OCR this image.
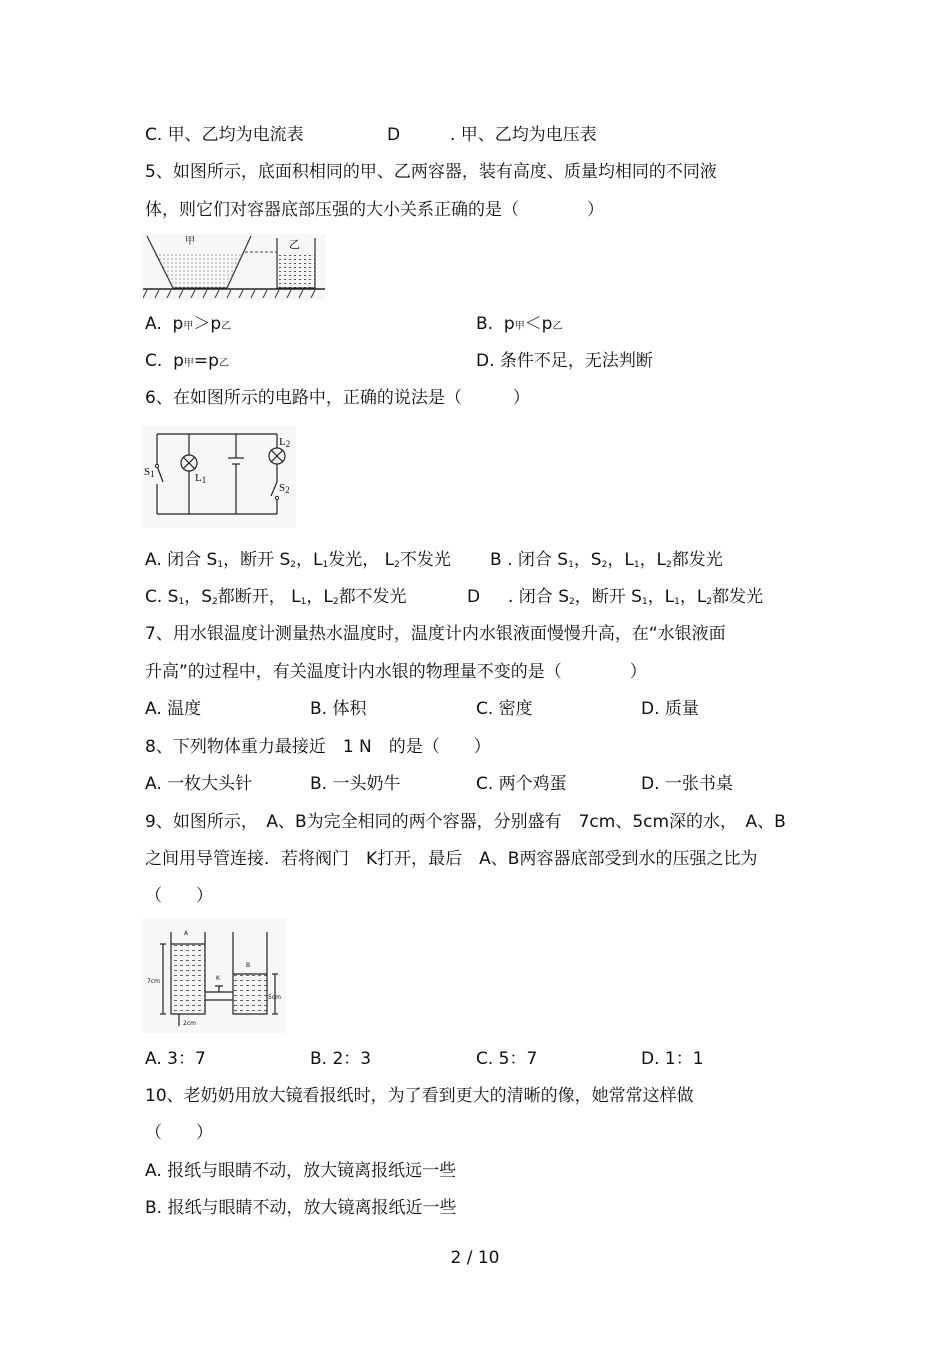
C. 甲、乙均为电流表	D	. 甲、乙均为电压表
5、如图所示，底面积相同的甲、乙两容器，装有高度、质量均相同的不同液
体，则它们对容器底部压强的大小关系正确的是（　　　　）
甲	乙
A. p甲＞p乙	B. p甲＜p乙
C. p甲=p乙	D. 条件不足，无法判断
6、在如图所示的电路中，正确的说法是（　　　）
$S_1$	$L_1$
$L_2$
$S_2$
A. 闭合 $S_1$，断开 $S_2$，$L_1$发光， $L_2$不发光 B . 闭合 $S_1$，$S_2$，$L_1$，$L_2$都发光
C. $S_1$，$S_2$都断开， $L_1$，$L_2$都不发光	D . 闭合 $S_2$，断开 $S_1$，$L_1$，$L_2$都发光
7、用水银温度计测量热水温度时，温度计内水银液面慢慢升高，在“水银液面
升高”的过程中，有关温度计内水银的物理量不变的是（　　　　）
A. 温度	B. 体积	C. 密度	D. 质量
8、下列物体重力最接近　1 N　的是（　　）
A. 一枚大头针	B. 一头奶牛	C. 两个鸡蛋	D. 一张书桌
9、如图所示，　A、B为完全相同的两个容器，分别盛有　7cm、5cm深的水，　A、B
之间用导管连接．若将阀门　K打开，最后　A、B两容器底部受到水的压强之比为
（　　）
A
B
K
7cm
5cm
2cm
A. 3：7	B. 2：3	C. 5：7	D. 1：1
10、老奶奶用放大镜看报纸时，为了看到更大的清晰的像，她常常这样做
（　　）
A. 报纸与眼睛不动，放大镜离报纸远一些
B. 报纸与眼睛不动，放大镜离报纸近一些
2 / 10
